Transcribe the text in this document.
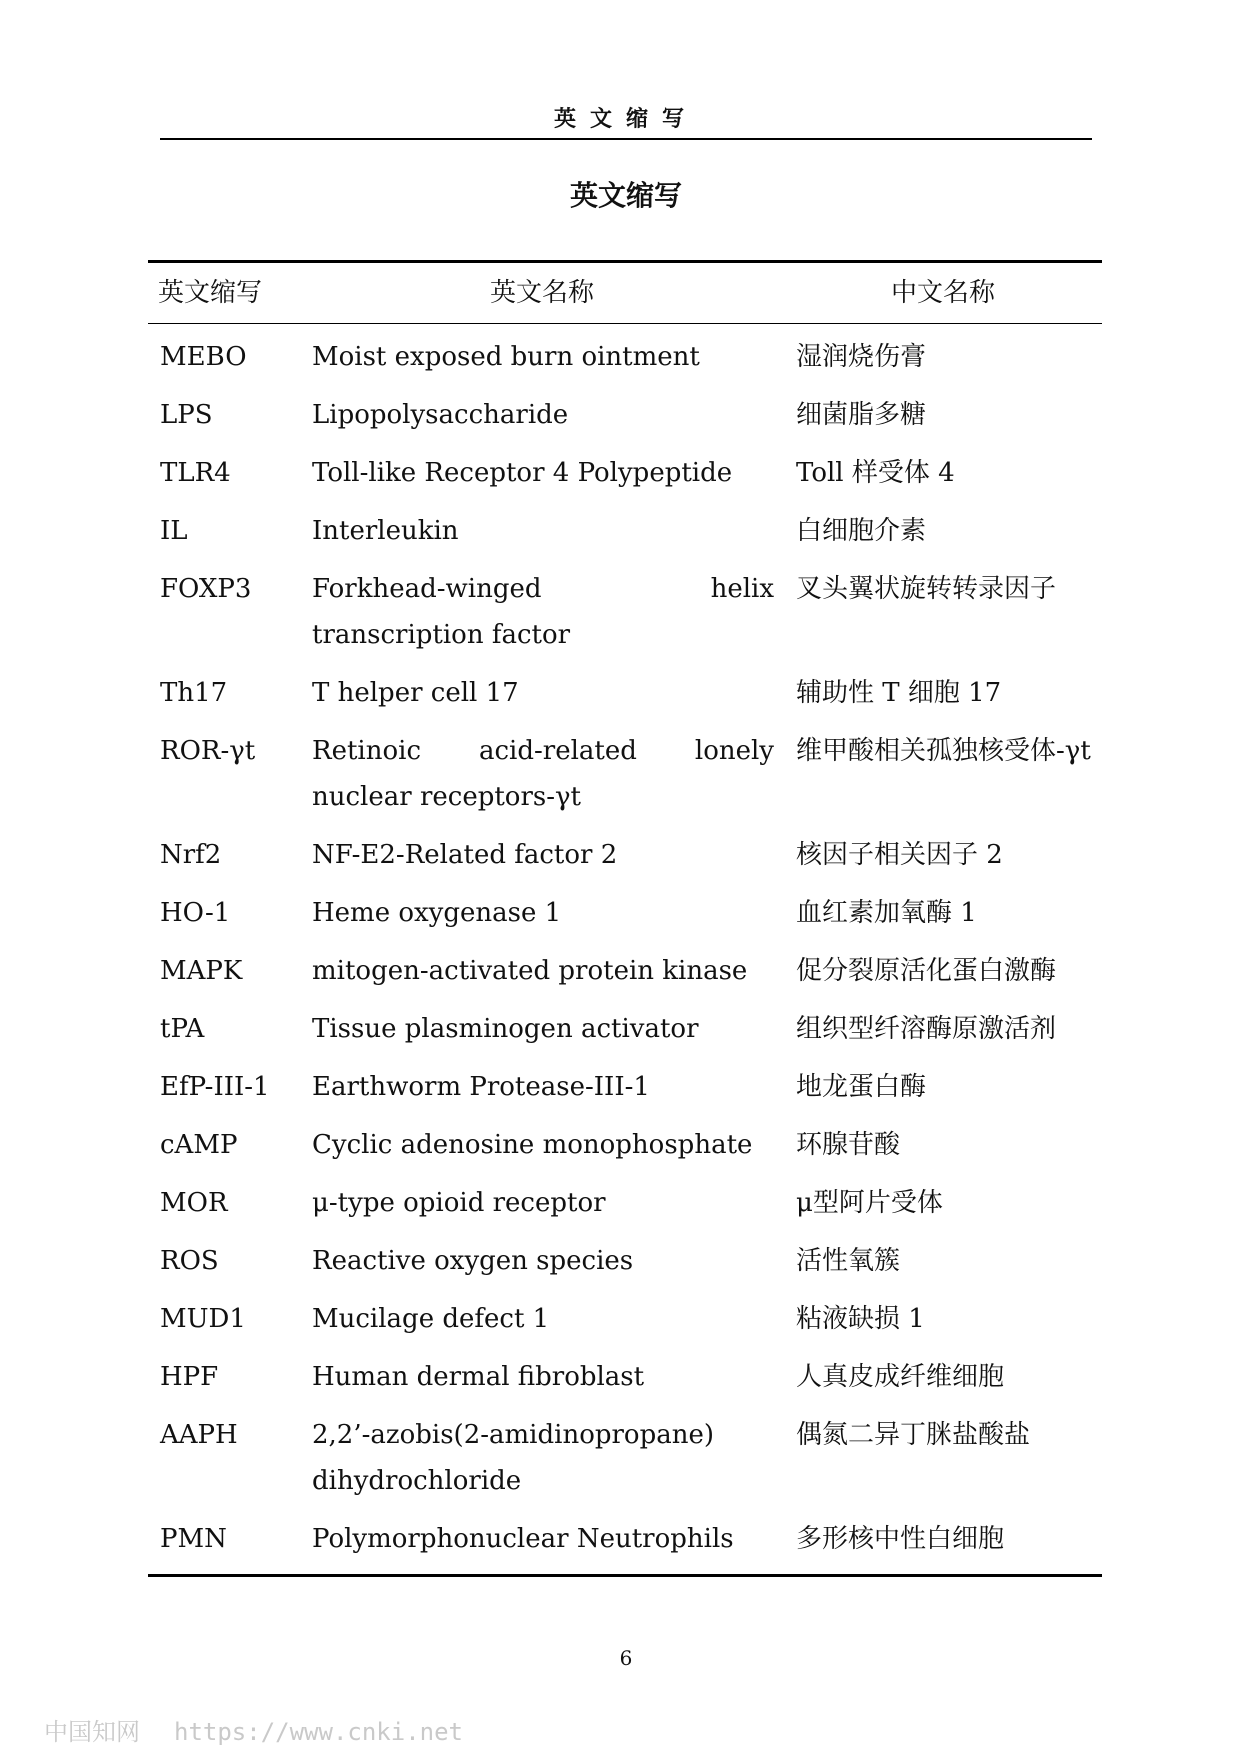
英文缩写
英文缩写
英文缩写	英文名称	中文名称
MEBO	Moist exposed burn ointment	湿润烧伤膏
LPS	Lipopolysaccharide	细菌脂多糖
TLR4	Toll-like Receptor 4 Polypeptide	Toll 样受体 4
IL	Interleukin	白细胞介素
FOXP3	Forkhead-winged helix transcription factor	叉头翼状旋转转录因子
Th17	T helper cell 17	辅助性 T 细胞 17
ROR-γt	Retinoic acid-related lonely nuclear receptors-γt	维甲酸相关孤独核受体-γt
Nrf2	NF-E2-Related factor 2	核因子相关因子 2
HO-1	Heme oxygenase 1	血红素加氧酶 1
MAPK	mitogen-activated protein kinase	促分裂原活化蛋白激酶
tPA	Tissue plasminogen activator	组织型纤溶酶原激活剂
EfP-III-1	Earthworm Protease-III-1	地龙蛋白酶
cAMP	Cyclic adenosine monophosphate	环腺苷酸
MOR	μ-type opioid receptor	μ型阿片受体
ROS	Reactive oxygen species	活性氧簇
MUD1	Mucilage defect 1	粘液缺损 1
HPF	Human dermal fibroblast	人真皮成纤维细胞
AAPH	2,2’-azobis(2-amidinopropane) dihydrochloride	偶氮二异丁脒盐酸盐
PMN	Polymorphonuclear Neutrophils	多形核中性白细胞
6
中国知网 https://www.cnki.net
